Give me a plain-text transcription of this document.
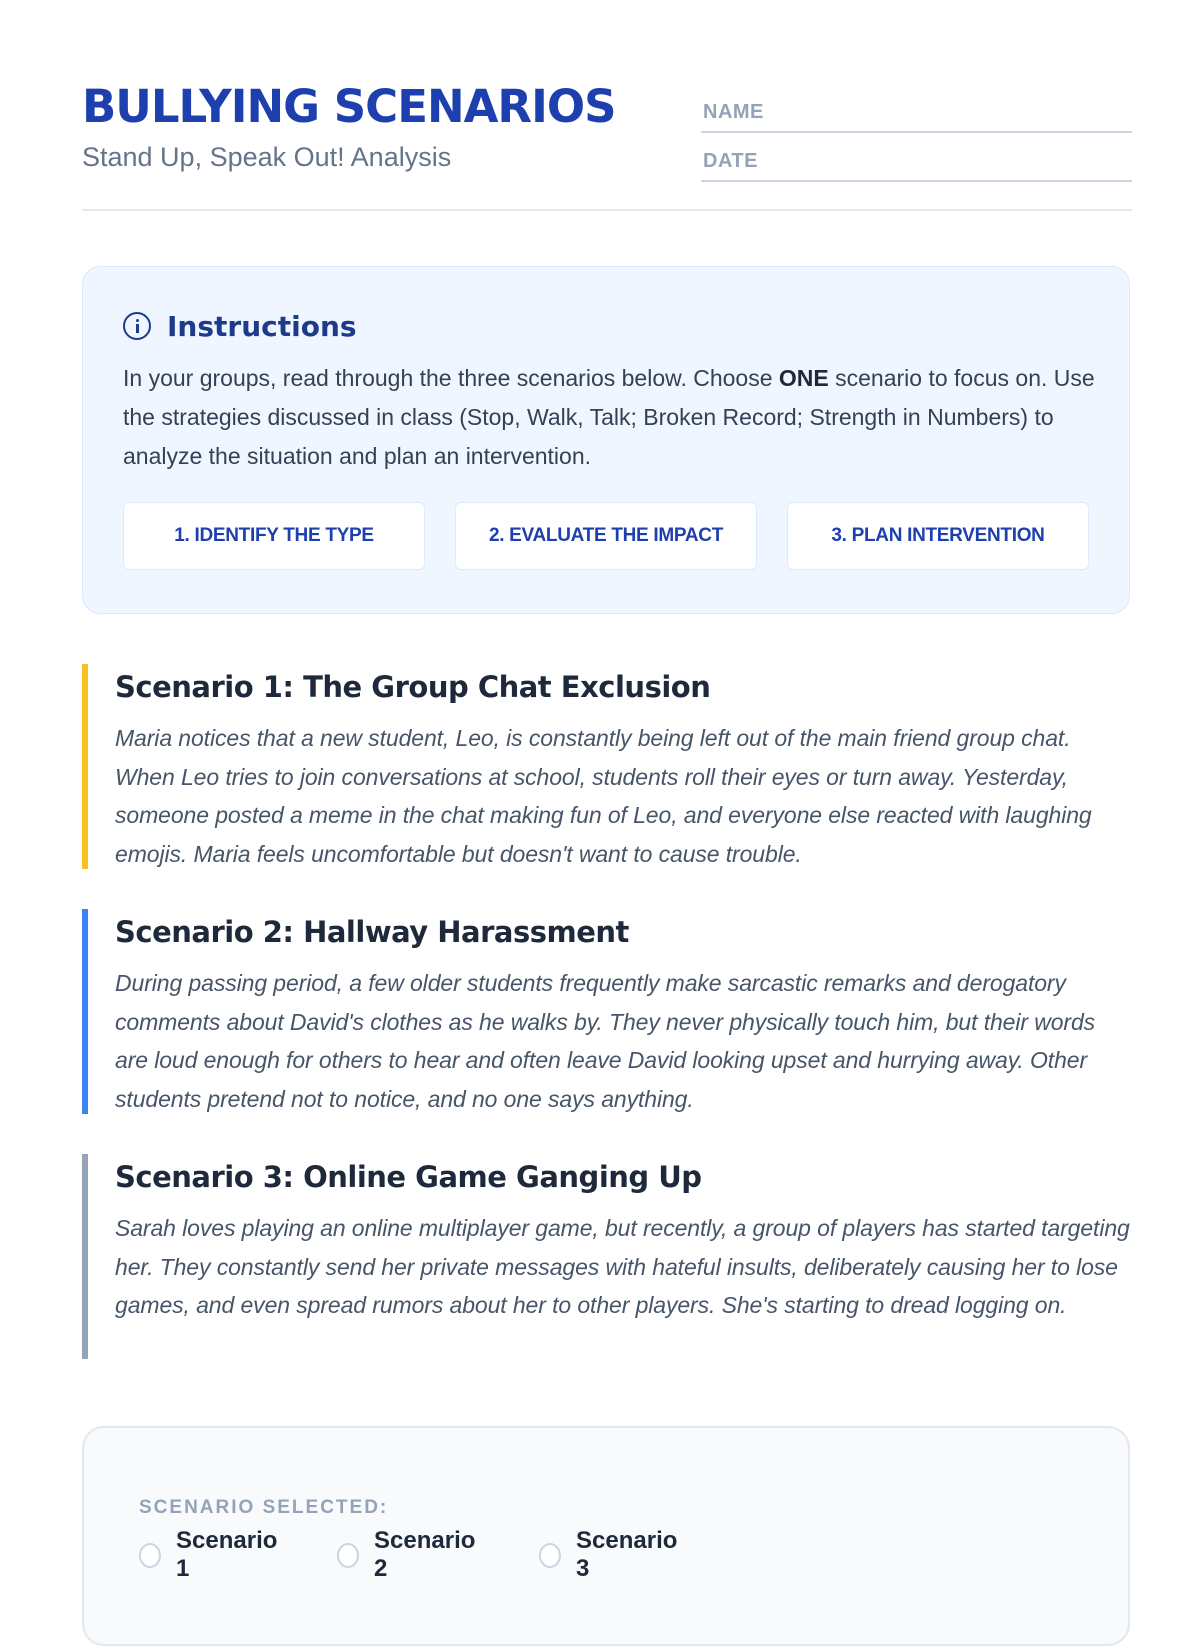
BULLYING SCENARIOS
Stand Up, Speak Out! Analysis
NAME
DATE
Instructions
In your groups, read through the three scenarios below. Choose ONE scenario to focus on. Use the strategies discussed in class (Stop, Walk, Talk; Broken Record; Strength in Numbers) to analyze the situation and plan an intervention.
1. IDENTIFY THE TYPE	2. EVALUATE THE IMPACT	3. PLAN INTERVENTION
Scenario 1: The Group Chat Exclusion
Maria notices that a new student, Leo, is constantly being left out of the main friend group chat. When Leo tries to join conversations at school, students roll their eyes or turn away. Yesterday, someone posted a meme in the chat making fun of Leo, and everyone else reacted with laughing emojis. Maria feels uncomfortable but doesn't want to cause trouble.
Scenario 2: Hallway Harassment
During passing period, a few older students frequently make sarcastic remarks and derogatory comments about David's clothes as he walks by. They never physically touch him, but their words are loud enough for others to hear and often leave David looking upset and hurrying away. Other students pretend not to notice, and no one says anything.
Scenario 3: Online Game Ganging Up
Sarah loves playing an online multiplayer game, but recently, a group of players has started targeting her. They constantly send her private messages with hateful insults, deliberately causing her to lose games, and even spread rumors about her to other players. She's starting to dread logging on.
SCENARIO SELECTED:
Scenario 1
Scenario 2
Scenario 3
